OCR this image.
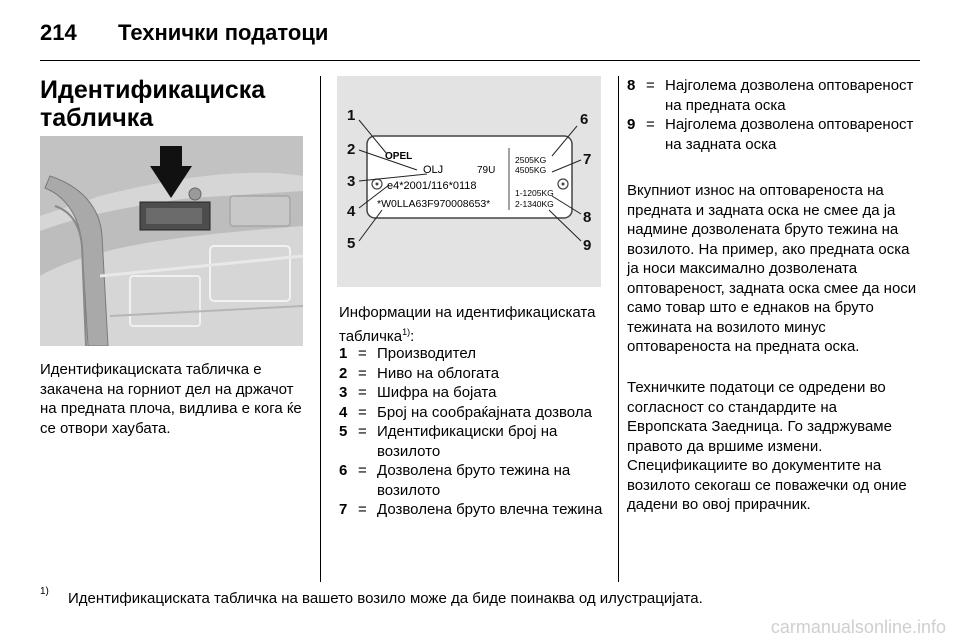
214 Технички податоци
Идентификациска
табличка
Идентификациската табличка е закачена на горниот дел на држачот на предната плоча, видлива е кога ќе се отвори хаубата.
OPEL
OLJ	79U
e4*2001/116*0118
*W0LLA63F970008653*
2505KG
4505KG
1-1205KG
2-1340KG
1
2
3
4
5
6
7
8
9
Информации на идентификациската табличка$^{1)}$:
1 = Производител
2 = Ниво на облогата
3 = Шифра на бојата
4 = Број на сообраќајната дозвола
5 = Идентификациски број на возилото
6 = Дозволена бруто тежина на возилото
7 = Дозволена бруто влечна тежина
8 = Најголема дозволена оптовареност на предната оска
9 = Најголема дозволена оптовареност на задната оска
Вкупниот износ на оптовареноста на предната и задната оска не смее да ја надмине дозволената бруто тежина на возилото. На пример, ако предната оска ја носи максимално дозволената оптовареност, задната оска смее да носи само товар што е еднаков на бруто тежината на возилото минус оптовареноста на предната оска.
Техничките податоци се одредени во согласност со стандардите на Европската Заедница. Го задржуваме правото да вршиме измени. Спецификациите во документите на возилото секогаш се поважечки од оние дадени во овој прирачник.
1) Идентификациската табличка на вашето возило може да биде поинаква од илустрацијата.
carmanualsonline.info
